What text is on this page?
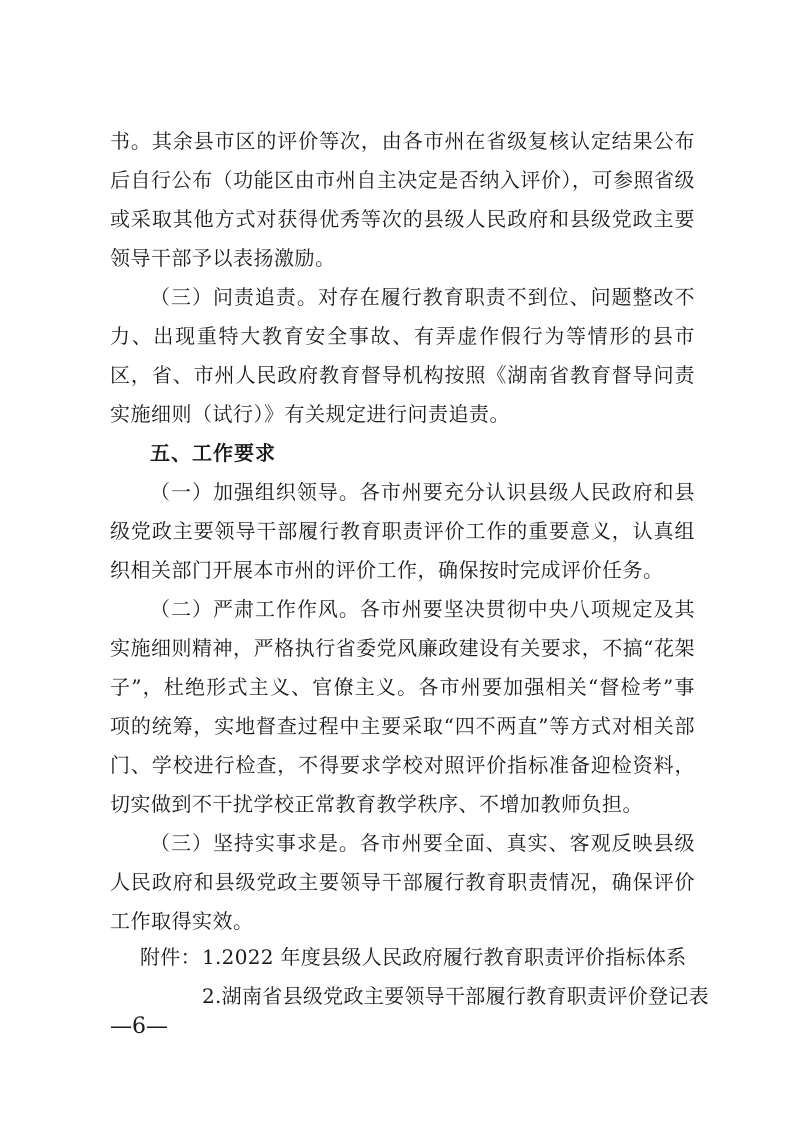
书。其余县市区的评价等次，由各市州在省级复核认定结果公布后自行公布（功能区由市州自主决定是否纳入评价），可参照省级或采取其他方式对获得优秀等次的县级人民政府和县级党政主要领导干部予以表扬激励。

（三）问责追责。对存在履行教育职责不到位、问题整改不力、出现重特大教育安全事故、有弄虚作假行为等情形的县市区，省、市州人民政府教育督导机构按照《湖南省教育督导问责实施细则（试行）》有关规定进行问责追责。

五、工作要求

（一）加强组织领导。各市州要充分认识县级人民政府和县级党政主要领导干部履行教育职责评价工作的重要意义，认真组织相关部门开展本市州的评价工作，确保按时完成评价任务。

（二）严肃工作作风。各市州要坚决贯彻中央八项规定及其实施细则精神，严格执行省委党风廉政建设有关要求，不搞“花架子”，杜绝形式主义、官僚主义。各市州要加强相关“督检考”事项的统筹，实地督查过程中主要采取“四不两直”等方式对相关部门、学校进行检查，不得要求学校对照评价指标准备迎检资料，切实做到不干扰学校正常教育教学秩序、不增加教师负担。

（三）坚持实事求是。各市州要全面、真实、客观反映县级人民政府和县级党政主要领导干部履行教育职责情况，确保评价工作取得实效。

附件： 1.2022 年度县级人民政府履行教育职责评价指标体系
2.湖南省县级党政主要领导干部履行教育职责评价登记表
—6—
